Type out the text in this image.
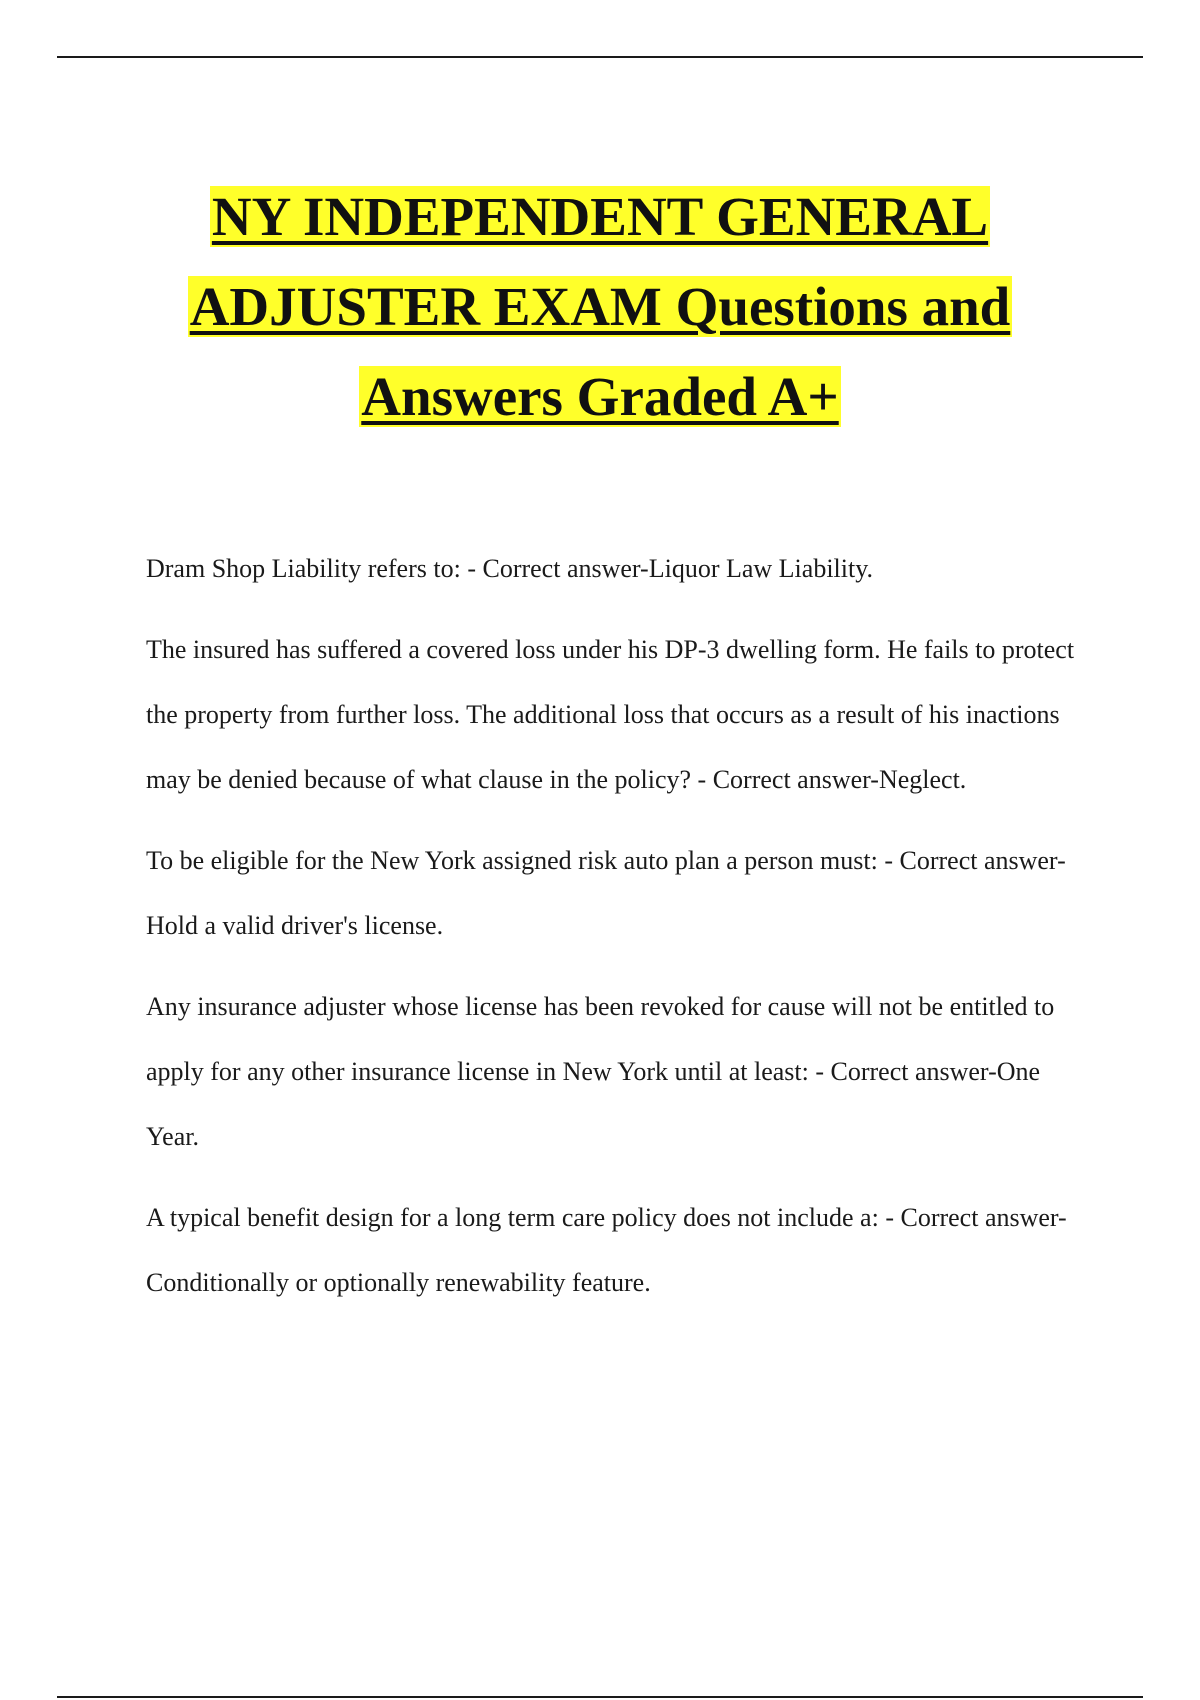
NY INDEPENDENT GENERAL
ADJUSTER EXAM Questions and
Answers Graded A+

Dram Shop Liability refers to: - Correct answer-Liquor Law Liability.

The insured has suffered a covered loss under his DP-3 dwelling form. He fails to protect the property from further loss. The additional loss that occurs as a result of his inactions may be denied because of what clause in the policy? - Correct answer-Neglect.

To be eligible for the New York assigned risk auto plan a person must: - Correct answer-Hold a valid driver's license.

Any insurance adjuster whose license has been revoked for cause will not be entitled to apply for any other insurance license in New York until at least: - Correct answer-One Year.

A typical benefit design for a long term care policy does not include a: - Correct answer-Conditionally or optionally renewability feature.
